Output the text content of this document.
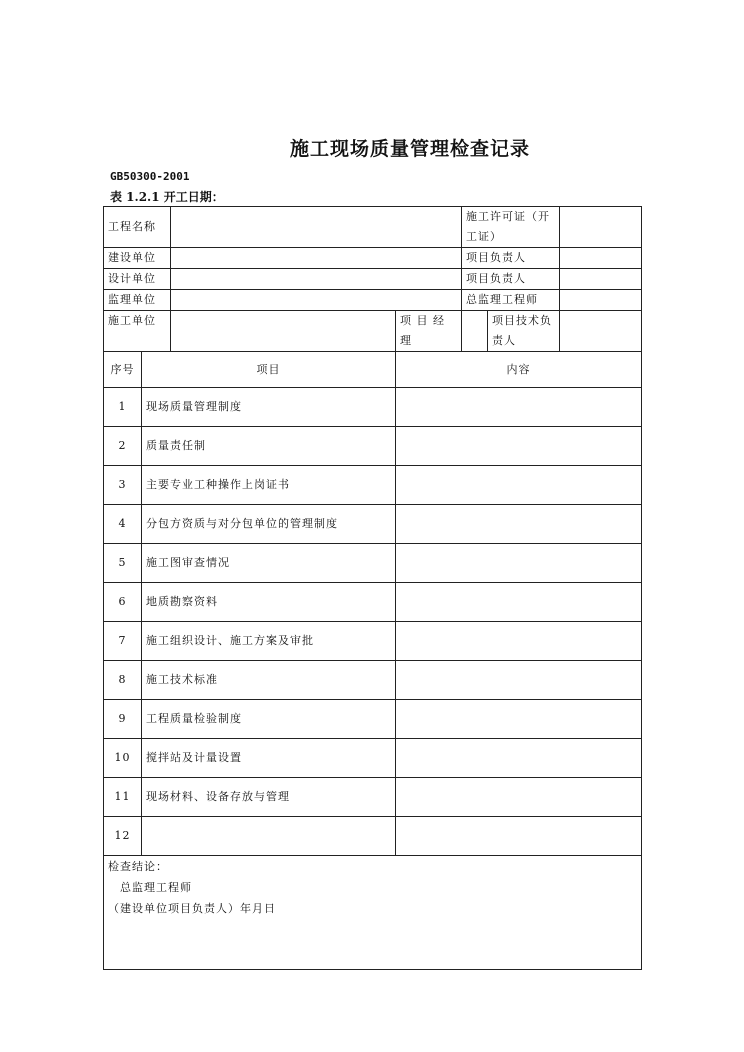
施工现场质量管理检查记录
GB50300-2001
表 1.2.1 开工日期：
工程名称				施工许可证（开工证）		
建设单位				项目负责人		
设计单位				项目负责人		
监理单位				总监理工程师		
施工单位			项 目 经 理		项目技术负责人	
序号	项目		内容			
1	现场质量管理制度					
2	质量责任制					
3	主要专业工种操作上岗证书					
4	分包方资质与对分包单位的管理制度					
5	施工图审查情况					
6	地质勘察资料					
7	施工组织设计、施工方案及审批					
8	施工技术标准					
9	工程质量检验制度					
10	搅拌站及计量设置					
11	现场材料、设备存放与管理					
12						

检查结论：
总监理工程师
（建设单位项目负责人）年月日						
